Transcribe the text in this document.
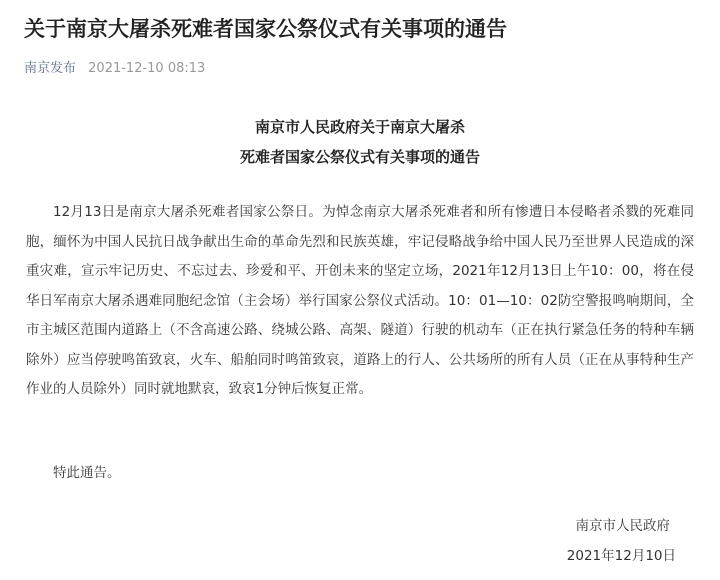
关于南京大屠杀死难者国家公祭仪式有关事项的通告
南京发布 2021-12-10 08:13
南京市人民政府关于南京大屠杀
死难者国家公祭仪式有关事项的通告

12月13日是南京大屠杀死难者国家公祭日。为悼念南京大屠杀死难者和所有惨遭日本侵略者杀戮的死难同胞，缅怀为中国人民抗日战争献出生命的革命先烈和民族英雄，牢记侵略战争给中国人民乃至世界人民造成的深重灾难，宣示牢记历史、不忘过去、珍爱和平、开创未来的坚定立场，2021年12月13日上午10：00，将在侵华日军南京大屠杀遇难同胞纪念馆（主会场）举行国家公祭仪式活动。10：01—10：02防空警报鸣响期间，全市主城区范围内道路上（不含高速公路、绕城公路、高架、隧道）行驶的机动车（正在执行紧急任务的特种车辆除外）应当停驶鸣笛致哀，火车、船舶同时鸣笛致哀，道路上的行人、公共场所的所有人员（正在从事特种生产作业的人员除外）同时就地默哀，致哀1分钟后恢复正常。

特此通告。

南京市人民政府
2021年12月10日
